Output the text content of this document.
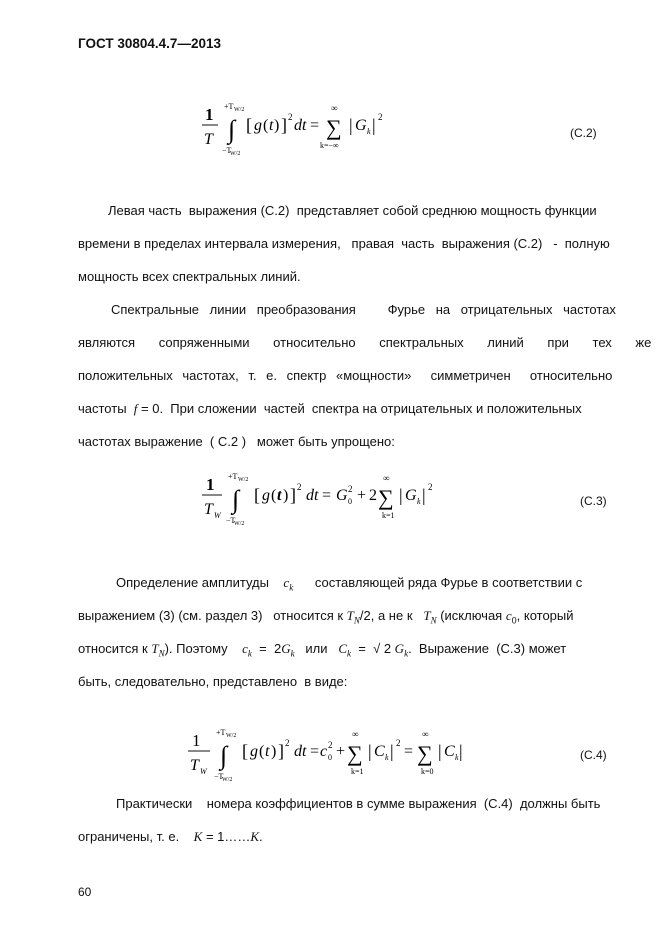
ГОСТ 30804.4.7—2013
1
T
+T W/2
∫
−T
W/2
[ g ( t ) ] 2 dt =
∞
∑
k=−∞
| G k | 2
(C.2)
Левая часть  выражения (С.2)  представляет собой среднюю мощность функции
времени в пределах интервала измерения,   правая  часть  выражения (С.2)   -  полную
мощность всех спектральных линий.
Спектральные линии преобразования   Фурье на отрицательных частотах
являются сопряженными относительно спектральных линий при тех же
положительных частотах, т. е. спектр «мощности»  симметричен  относительно
частоты  f = 0.  При сложении  частей  спектра на отрицательных и положительных
частотах выражение  ( С.2 )   может быть упрощено:
1
T W
+T W/2
∫
−T
W/2
[ g ( t ) ] 2 dt = G 0
2 + 2
∞
∑
k=1
| G k | 2
(C.3)
Определение амплитуды    $c_k$      составляющей ряда Фурье в соответствии с
выражением (3) (см. раздел 3)   относится к $T_N/2$, а не к   $T_N$ (исключая $c_0$, который
относится к $T_N$). Поэтому    $c_k = 2G_k$   или   $C_k$  =  √ 2 $G_k$.  Выражение  (С.3) может
быть, следовательно, представлено  в виде:
1
T W
+T W/2
∫
−T
W/2
[ g ( t ) ] 2 dt = c 0
2 +
∞
∑
k=1
| C k | 2 =
∞
∑
k=0
| C k |	(C.4)
Практически    номера коэффициентов в сумме выражения  (С.4)  должны быть
ограничены, т. е.    K = 1……K.
60
